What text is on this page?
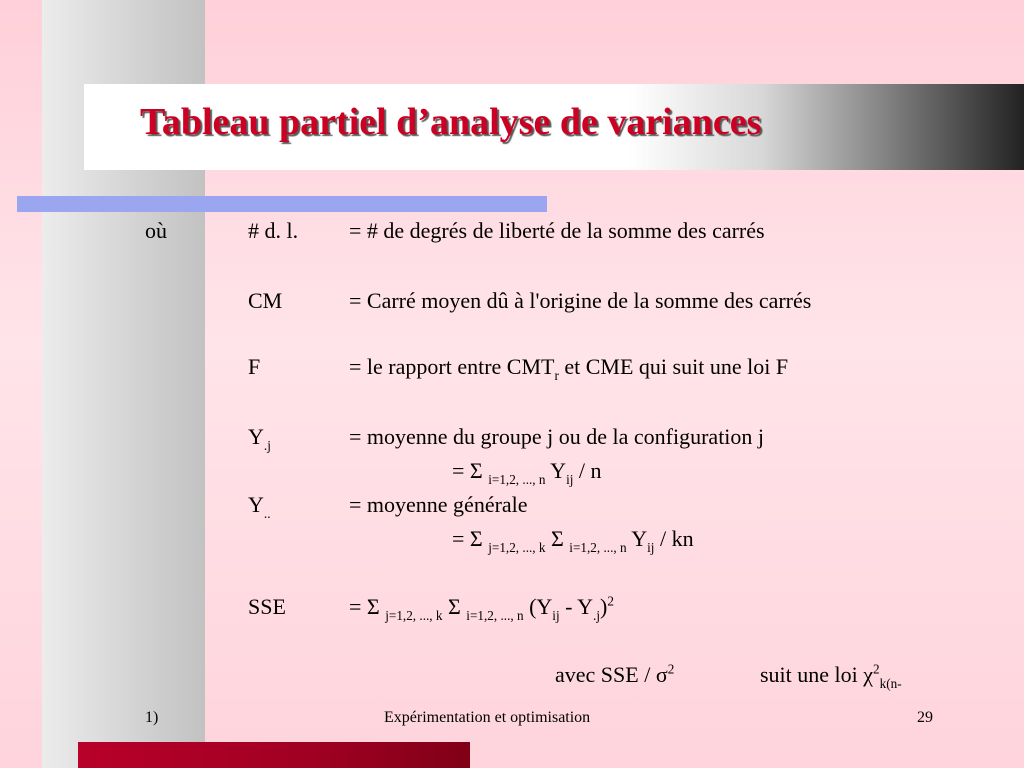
Tableau partiel d’analyse de variances
où	# d. l. = # de degrés de liberté de la somme des carrés
CM	= Carré moyen dû à l'origine de la somme des carrés
F	= le rapport entre $CMT_r$ et CME qui suit une loi F
$Y_{.j}$	= moyenne du groupe j ou de la configuration j
= Σ $_{i=1,2, ..., n}$ $Y_{ij}$ / n
$Y_{..}$	= moyenne générale
= Σ $_{j=1,2, ..., k}$ Σ $_{i=1,2, ..., n}$ $Y_{ij}$ / kn
SSE	= Σ $_{j=1,2, ..., k}$ Σ $_{i=1,2, ..., n}$ $(Y_{ij} - Y_{.j})^2$
avec SSE / $\sigma^2$	suit une loi $\chi^2_{k(n-}$
1)	Expérimentation et optimisation	29
